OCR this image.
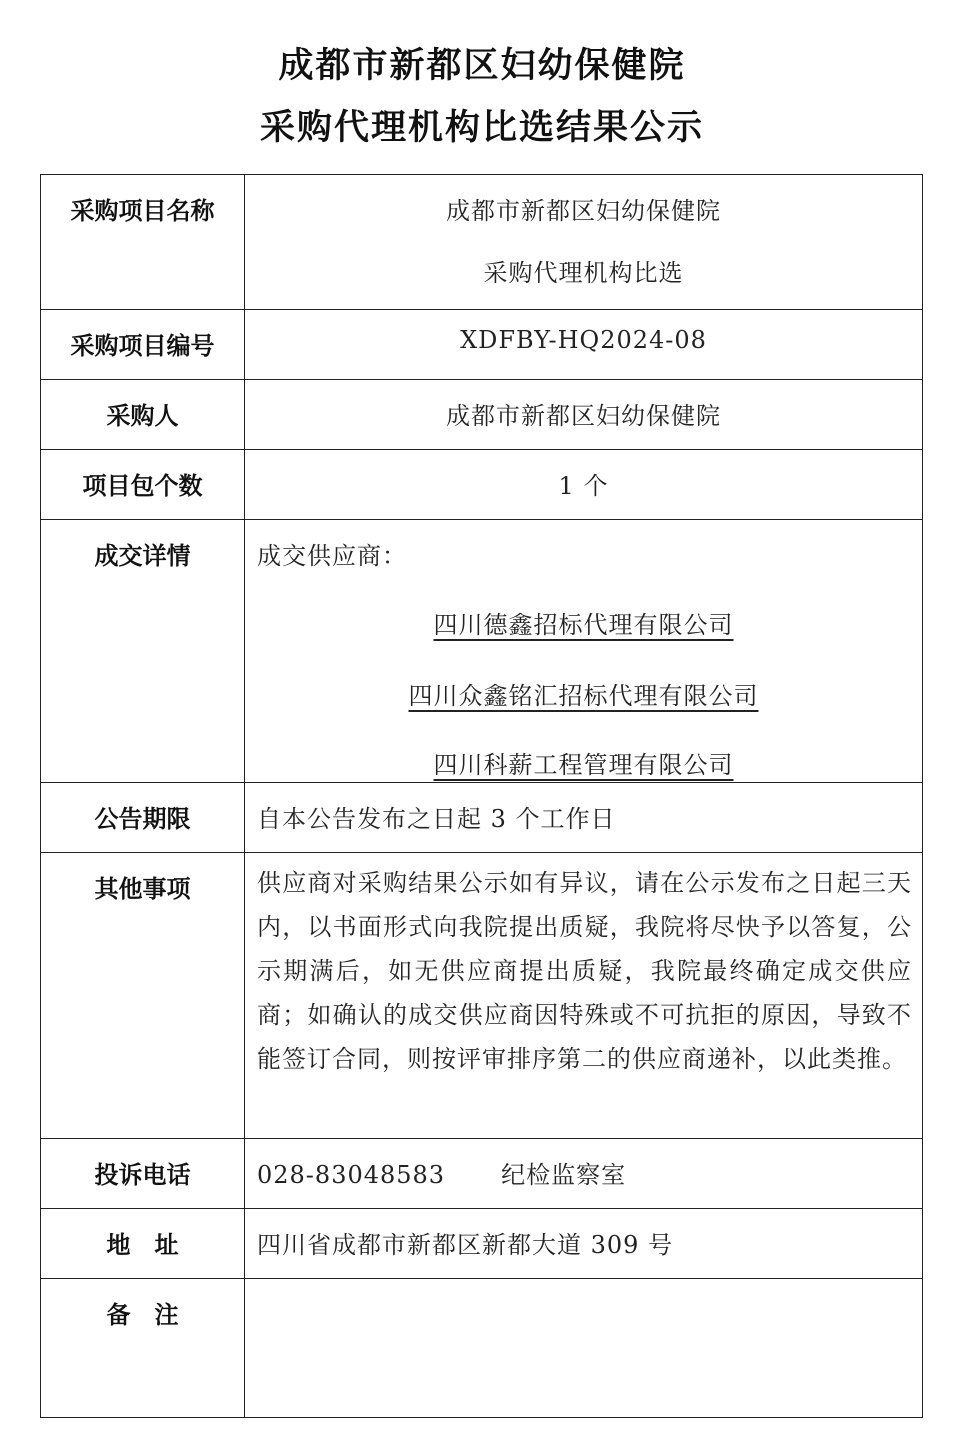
成都市新都区妇幼保健院
采购代理机构比选结果公示
采购项目名称	成都市新都区妇幼保健院
采购代理机构比选

采购项目编号	XDFBY-HQ2024-08

采购人	成都市新都区妇幼保健院

项目包个数	1 个

成交详情	成交供应商：
四川德鑫招标代理有限公司
四川众鑫铭汇招标代理有限公司
四川科薪工程管理有限公司

公告期限	自本公告发布之日起 3 个工作日

其他事项	供应商对采购结果公示如有异议，请在公示发布之日起三天内，以书面形式向我院提出质疑，我院将尽快予以答复，公示期满后，如无供应商提出质疑，我院最终确定成交供应商；如确认的成交供应商因特殊或不可抗拒的原因，导致不能签订合同，则按评审排序第二的供应商递补，以此类推。

投诉电话	028-83048583 纪检监察室

地　址	四川省成都市新都区新都大道 309 号

备　注	
